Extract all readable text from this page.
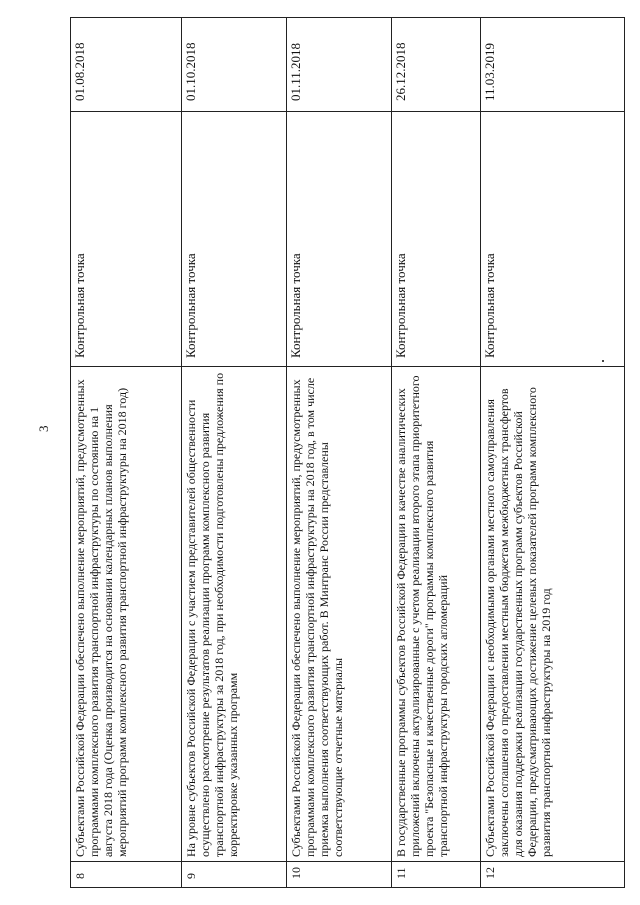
3
8	Субъектами Российской Федерации обеспечено выполнение мероприятий, предусмотренных программами комплексного развития транспортной инфраструктуры по состоянию на 1 августа 2018 года (Оценка производится на основании календарных планов выполнения мероприятий программ комплексного развития транспортной инфраструктуры на 2018 год)	Контрольная точка	01.08.2018
9	На уровне субъектов Российской Федерации с участием представителей общественности осуществлено рассмотрение результатов реализации программ комплексного развития транспортной инфраструктуры за 2018 год, при необходимости подготовлены предложения по корректировке указанных программ	Контрольная точка	01.10.2018
10	Субъектами Российской Федерации обеспечено выполнение мероприятий, предусмотренных программами комплексного развития транспортной инфраструктуры на 2018 год, в том числе приемка выполнения соответствующих работ. В Минтранс России представлены соответствующие отчетные материалы	Контрольная точка	01.11.2018
11	В государственные программы субъектов Российской Федерации в качестве аналитических приложений включены актуализированные с учетом реализации второго этапа приоритетного проекта "Безопасные и качественные дороги" программы комплексного развития транспортной инфраструктуры городских агломераций	Контрольная точка	26.12.2018
12	Субъектами Российской Федерации с необходимыми органами местного самоуправления заключены соглашения о предоставлении местным бюджетам межбюджетных трансфертов для оказания поддержки реализации государственных программ субъектов Российской Федерации, предусматривающих достижение целевых показателей программ комплексного развития транспортной инфраструктуры на 2019 год	Контрольная точка	11.03.2019
